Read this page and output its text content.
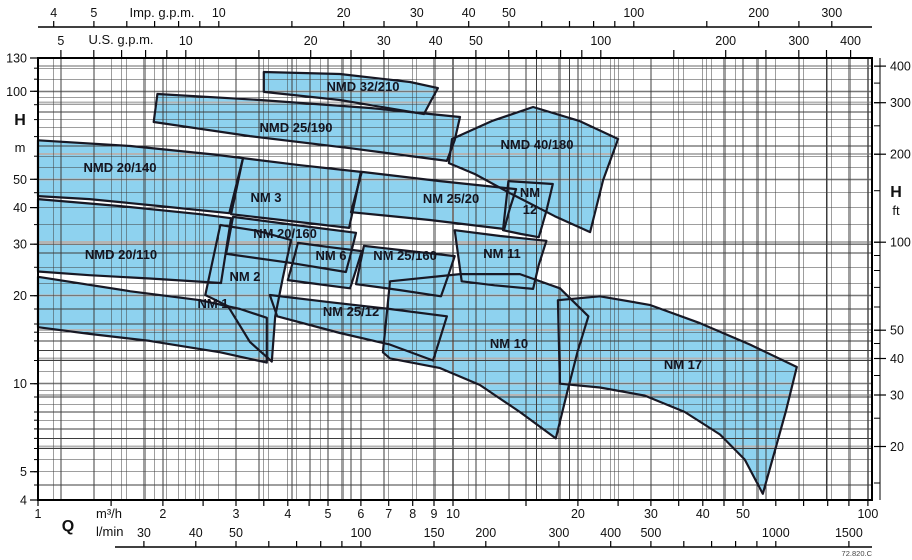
NMD 20/140
NMD 25/190
NMD 32/210
NMD 40/180
NM 3	NM 25/20	NM
12
NMD 20/110
NM 20/160
NM 2
NM 6 NM 25/160	NM 11
NM 1
NM 25/12
NM 10
NM 17
4	5	10	20	30	40 50	100	200	300
Imp. g.p.m.
5	10	20	30	40 50	100	200	300 400
U.S. g.p.m.
130
100
50
40
30
20
10
5
4
H
m
400
300
200
100
50
40
30
20
H
ft
1	2	3	4	5 6 7 8 9 10	20	30	40 50	100
Q
m³/h
30	40 50	100	150 200	300 400 500	1000	1500
l/min
72.820.C
